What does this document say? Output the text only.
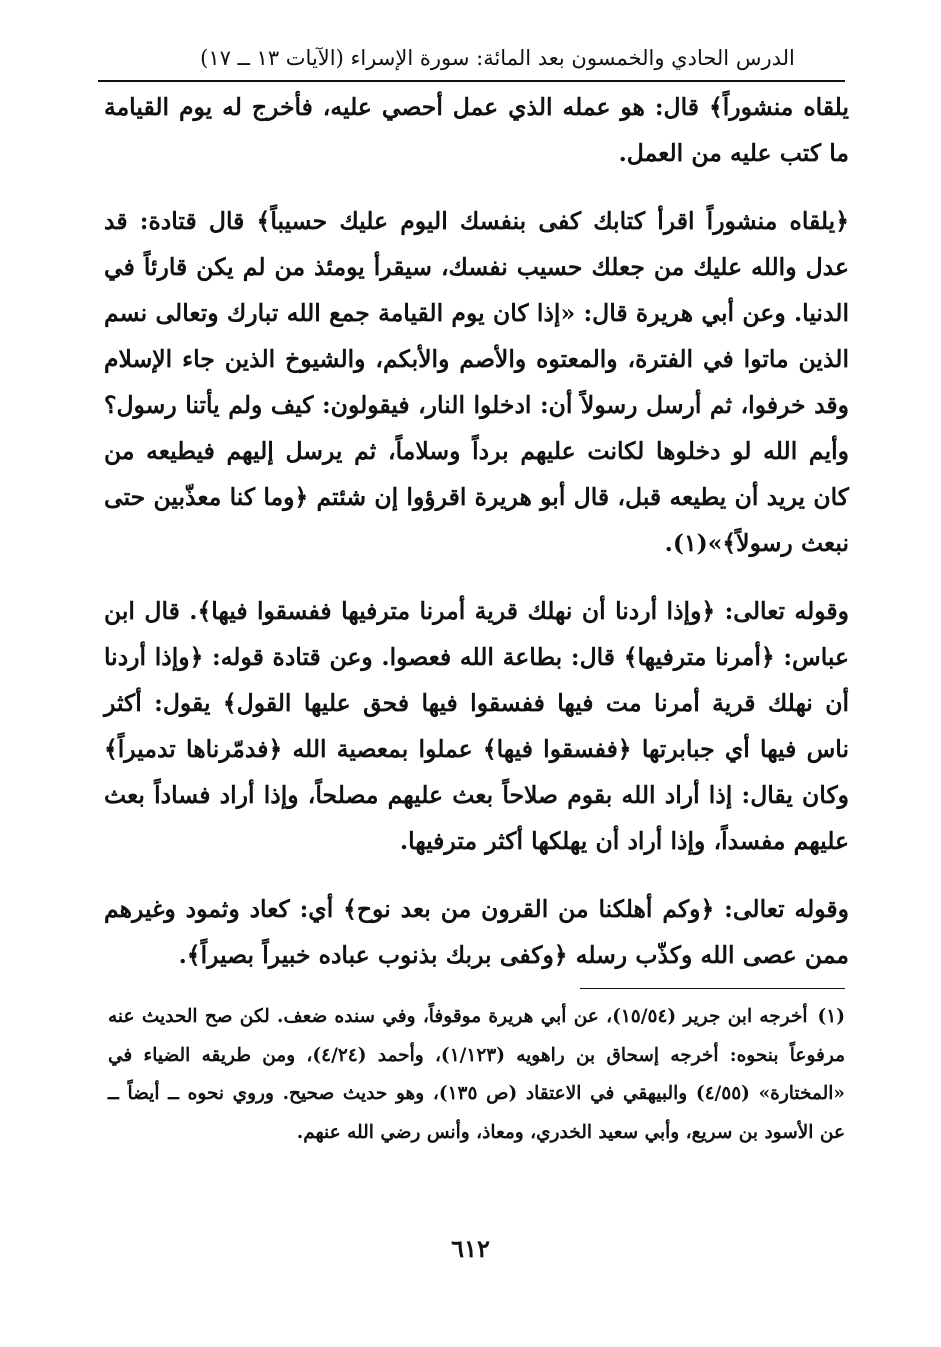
الدرس الحادي والخمسون بعد المائة: سورة الإسراء (الآيات ١٣ ــ ١٧)

يلقاه منشوراً﴾ قال: هو عمله الذي عمل أحصي عليه، فأخرج له يوم القيامة ما كتب عليه من العمل.

﴿يلقاه منشوراً اقرأ كتابك كفى بنفسك اليوم عليك حسيباً﴾ قال قتادة: قد عدل والله عليك من جعلك حسيب نفسك، سيقرأ يومئذ من لم يكن قارئاً في الدنيا. وعن أبي هريرة قال: «إذا كان يوم القيامة جمع الله تبارك وتعالى نسم الذين ماتوا في الفترة، والمعتوه والأصم والأبكم، والشيوخ الذين جاء الإسلام وقد خرفوا، ثم أرسل رسولاً أن: ادخلوا النار، فيقولون: كيف ولم يأتنا رسول؟ وأيم الله لو دخلوها لكانت عليهم برداً وسلاماً، ثم يرسل إليهم فيطيعه من كان يريد أن يطيعه قبل، قال أبو هريرة اقرؤوا إن شئتم ﴿وما كنا معذّبين حتى نبعث رسولاً﴾»(١).

وقوله تعالى: ﴿وإذا أردنا أن نهلك قرية أمرنا مترفيها ففسقوا فيها﴾. قال ابن عباس: ﴿أمرنا مترفيها﴾ قال: بطاعة الله فعصوا. وعن قتادة قوله: ﴿وإذا أردنا أن نهلك قرية أمرنا مت فيها ففسقوا فيها فحق عليها القول﴾ يقول: أكثر ناس فيها أي جبابرتها ﴿ففسقوا فيها﴾ عملوا بمعصية الله ﴿فدمّرناها تدميراً﴾ وكان يقال: إذا أراد الله بقوم صلاحاً بعث عليهم مصلحاً، وإذا أراد فساداً بعث عليهم مفسداً، وإذا أراد أن يهلكها أكثر مترفيها.

وقوله تعالى: ﴿وكم أهلكنا من القرون من بعد نوح﴾ أي: كعاد وثمود وغيرهم ممن عصى الله وكذّب رسله ﴿وكفى بربك بذنوب عباده خبيراً بصيراً﴾.

(١)أخرجه ابن جرير (١٥/٥٤)، عن أبي هريرة موقوفاً، وفي سنده ضعف. لكن صح الحديث عنه مرفوعاً بنحوه: أخرجه إسحاق بن راهويه (١/١٢٣)، وأحمد (٤/٢٤)، ومن طريقه الضياء في «المختارة» (٤/٥٥) والبيهقي في الاعتقاد (ص ١٣٥)، وهو حديث صحيح. وروي نحوه ــ أيضاً ــ عن الأسود بن سريع، وأبي سعيد الخدري، ومعاذ، وأنس رضي الله عنهم.
٦١٢
